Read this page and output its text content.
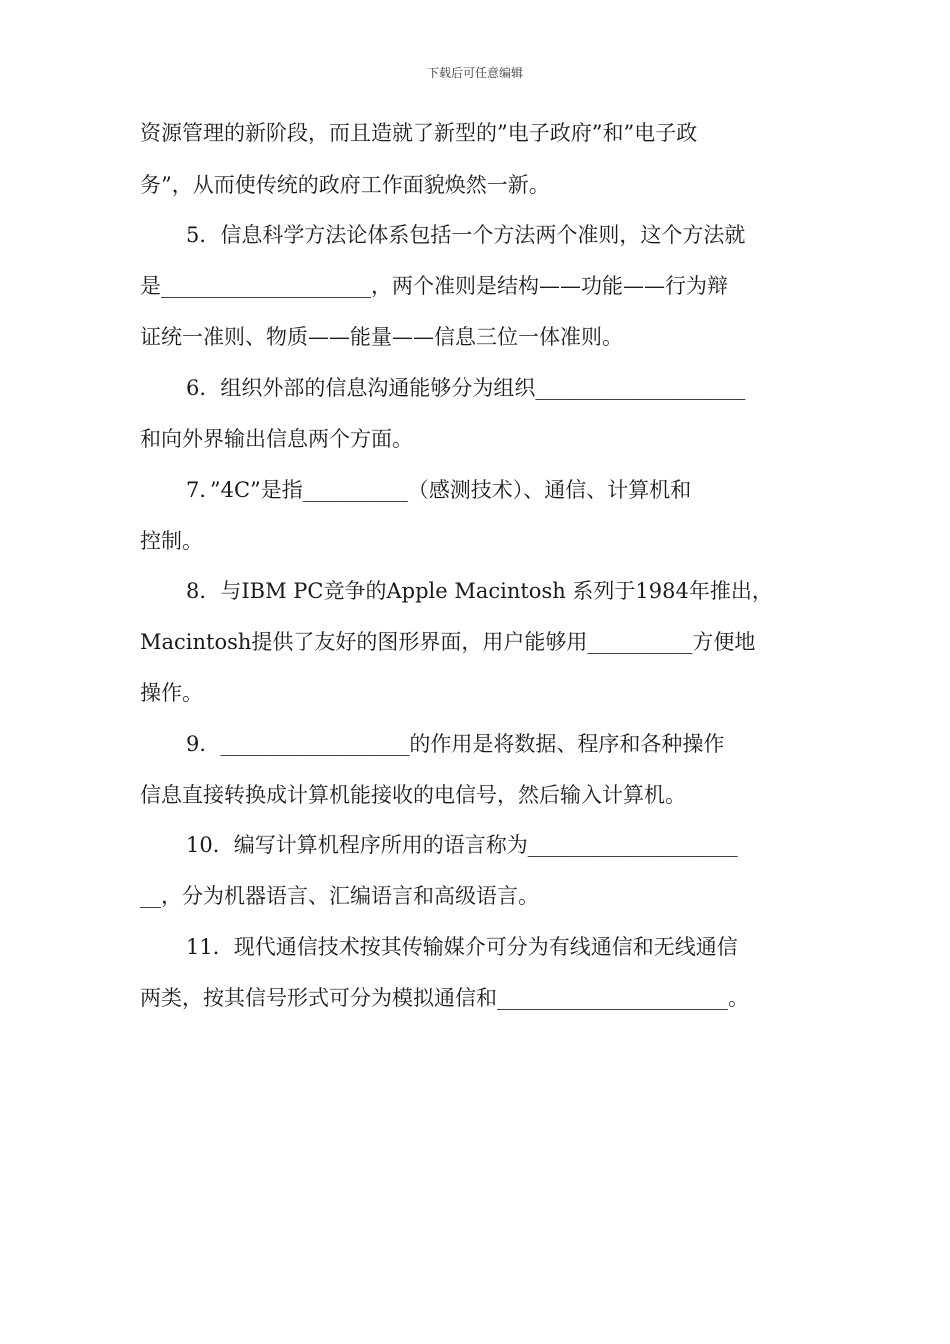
下载后可任意编辑
资源管理的新阶段，而且造就了新型的”电子政府”和”电子政
务”，从而使传统的政府工作面貌焕然一新。
5．信息科学方法论体系包括一个方法两个准则，这个方法就
是____________________，两个准则是结构——功能——行为辩
证统一准则、物质——能量——信息三位一体准则。
6．组织外部的信息沟通能够分为组织____________________
和向外界输出信息两个方面。
7．”4C”是指__________（感测技术）、通信、计算机和
控制。
8．与IBM PC竞争的Apple Macintosh 系列于1984年推出，
Macintosh提供了友好的图形界面，用户能够用__________方便地
操作。
9．__________________的作用是将数据、程序和各种操作
信息直接转换成计算机能接收的电信号，然后输入计算机。
10．编写计算机程序所用的语言称为____________________
__，分为机器语言、汇编语言和高级语言。
11．现代通信技术按其传输媒介可分为有线通信和无线通信
两类，按其信号形式可分为模拟通信和______________________。
